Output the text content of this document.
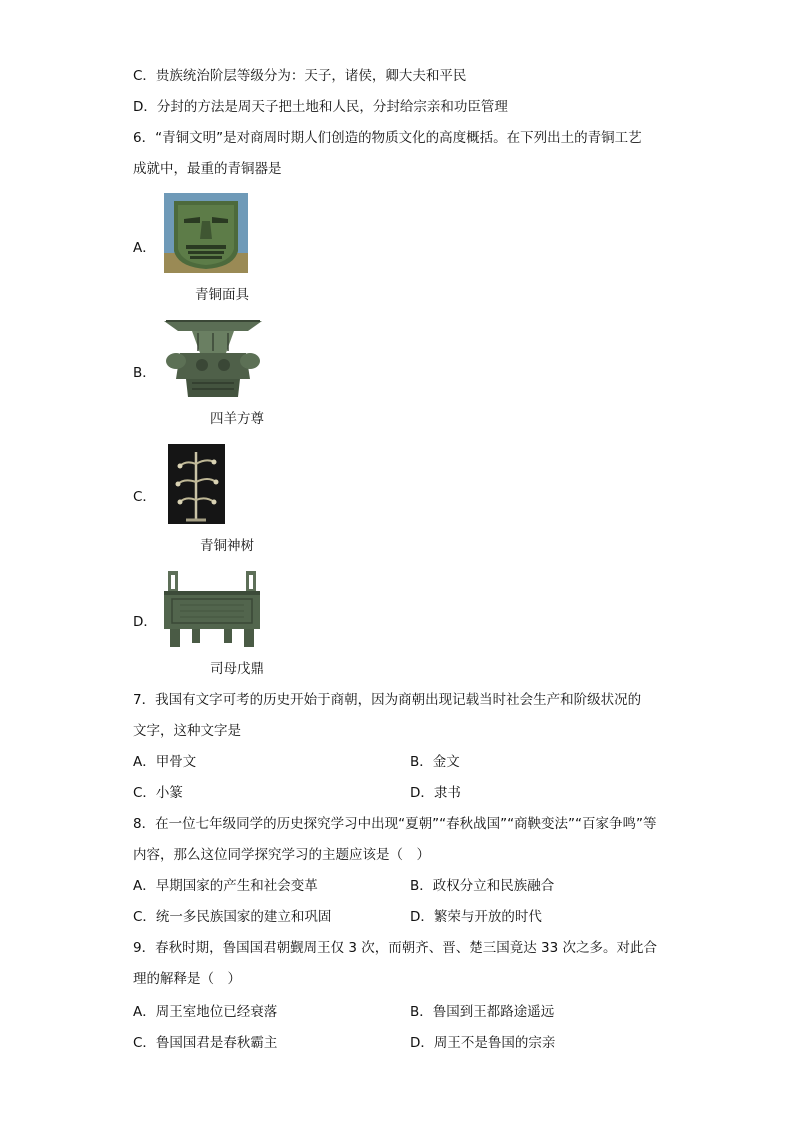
C．贵族统治阶层等级分为：天子，诸侯，卿大夫和平民
D．分封的方法是周天子把土地和人民，分封给宗亲和功臣管理
6．“青铜文明”是对商周时期人们创造的物质文化的高度概括。在下列出土的青铜工艺
成就中，最重的青铜器是
A．
青铜面具
B．
四羊方尊
C．
青铜神树
D．
司母戊鼎
7．我国有文字可考的历史开始于商朝，因为商朝出现记载当时社会生产和阶级状况的
文字，这种文字是
A．甲骨文	B．金文
C．小篆	D．隶书
8．在一位七年级同学的历史探究学习中出现“夏朝”“春秋战国”“商鞅变法”“百家争鸣”等
内容，那么这位同学探究学习的主题应该是（　）
A．早期国家的产生和社会变革	B．政权分立和民族融合
C．统一多民族国家的建立和巩固	D．繁荣与开放的时代
9．春秋时期，鲁国国君朝觐周王仅 3 次，而朝齐、晋、楚三国竟达 33 次之多。对此合
理的解释是（　）
A．周王室地位已经衰落	B．鲁国到王都路途遥远
C．鲁国国君是春秋霸主	D．周王不是鲁国的宗亲
